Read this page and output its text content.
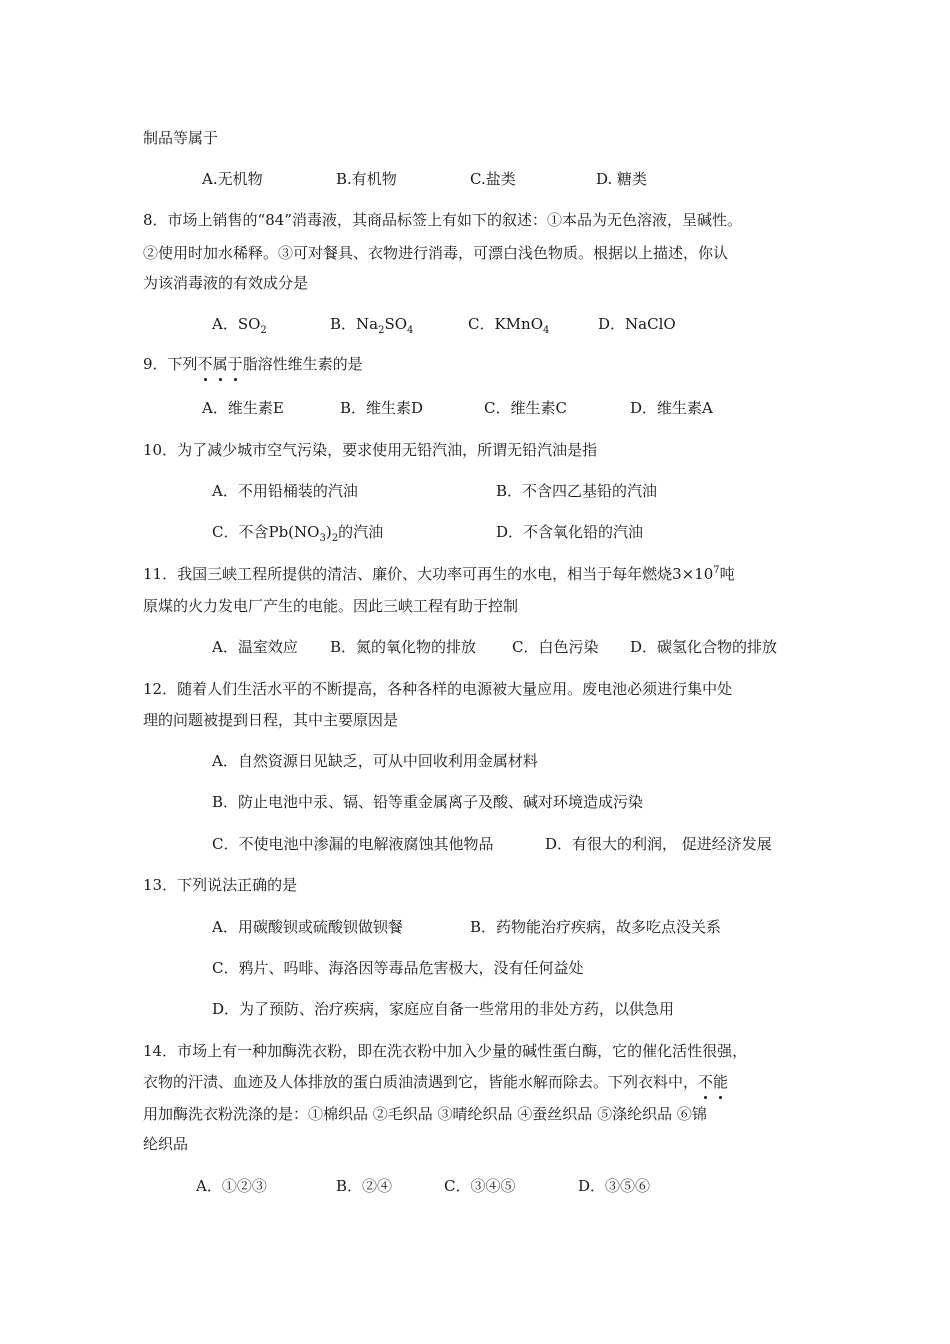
制品等属于
A.无机物	B.有机物	C.盐类	D. 糖类
8．市场上销售的“84”消毒液，其商品标签上有如下的叙述：①本品为无色溶液，呈碱性。
②使用时加水稀释。③可对餐具、衣物进行消毒，可漂白浅色物质。根据以上描述，你认
为该消毒液的有效成分是
A．$SO_2$	B．$Na_2SO_4$	C．KMnO$_4$	D．NaClO
9．下列不属于脂溶性维生素的是
A．维生素E	B．维生素D	C．维生素C	D．维生素A
10．为了减少城市空气污染，要求使用无铅汽油，所谓无铅汽油是指
A．不用铅桶装的汽油	B．不含四乙基铅的汽油
C．不含$Pb(NO_3)_2$的汽油	D．不含氧化铅的汽油
11．我国三峡工程所提供的清洁、廉价、大功率可再生的水电，相当于每年燃烧$3\times 10^7$吨
原煤的火力发电厂产生的电能。因此三峡工程有助于控制
A．温室效应 B．氮的氧化物的排放 C．白色污染 D．碳氢化合物的排放
12．随着人们生活水平的不断提高，各种各样的电源被大量应用。废电池必须进行集中处
理的问题被提到日程，其中主要原因是
A．自然资源日见缺乏，可从中回收利用金属材料
B．防止电池中汞、镉、铅等重金属离子及酸、碱对环境造成污染
C．不使电池中渗漏的电解液腐蚀其他物品	D．有很大的利润， 促进经济发展
13．下列说法正确的是
A．用碳酸钡或硫酸钡做钡餐	B．药物能治疗疾病，故多吃点没关系
C．鸦片、吗啡、海洛因等毒品危害极大，没有任何益处
D．为了预防、治疗疾病，家庭应自备一些常用的非处方药，以供急用
14．市场上有一种加酶洗衣粉，即在洗衣粉中加入少量的碱性蛋白酶，它的催化活性很强，
衣物的汗渍、血迹及人体排放的蛋白质油渍遇到它，皆能水解而除去。下列衣料中，不能
用加酶洗衣粉洗涤的是：①棉织品 ②毛织品 ③晴纶织品 ④蚕丝织品 ⑤涤纶织品 ⑥锦
纶织品
A．①②③	B．②④	C．③④⑤	D．③⑤⑥
